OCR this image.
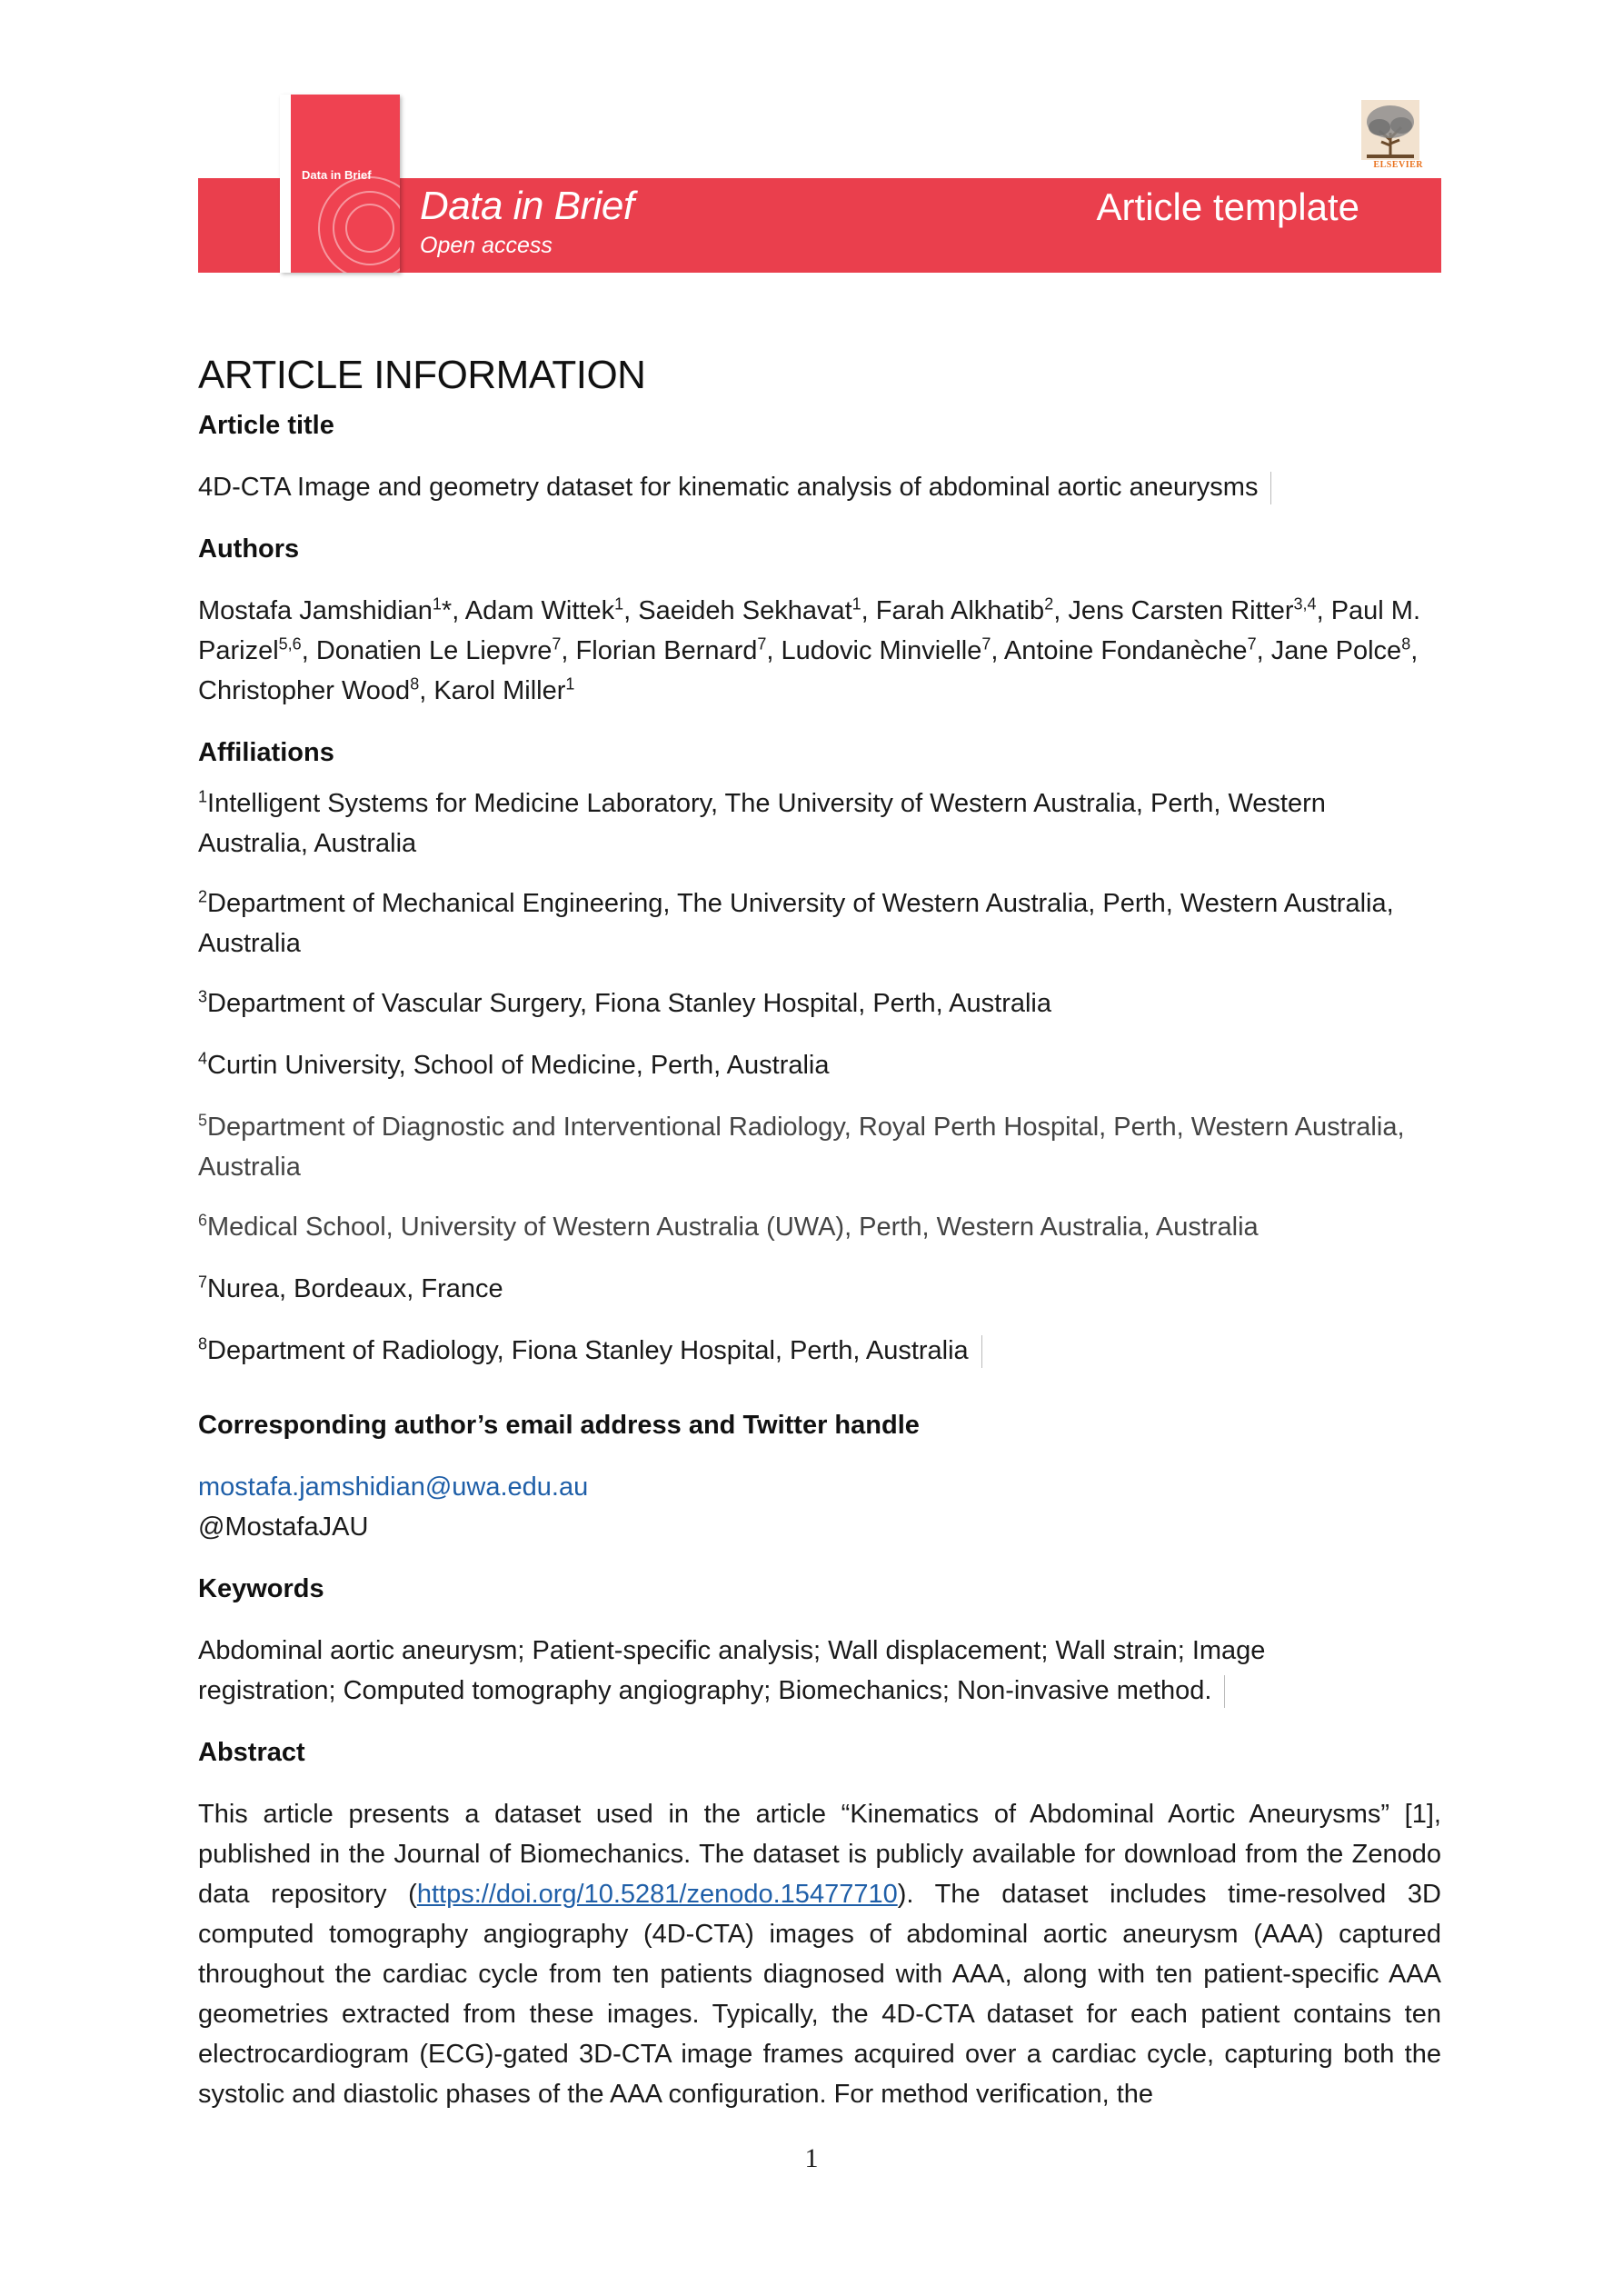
Data in Brief
Data in Brief
Open access
Article template
ELSEVIER
ARTICLE INFORMATION
Article title
4D-CTA Image and geometry dataset for kinematic analysis of abdominal aortic aneurysms
Authors
Mostafa Jamshidian$^1$*, Adam Wittek$^1$, Saeideh Sekhavat$^1$, Farah Alkhatib$^2$, Jens Carsten Ritter$^{3,4}$, Paul M. Parizel$^{5,6}$, Donatien Le Liepvre$^7$, Florian Bernard$^7$, Ludovic Minvielle$^7$, Antoine Fondanèche$^7$, Jane Polce$^8$, Christopher Wood$^8$, Karol Miller$^1$
Affiliations
$^1$Intelligent Systems for Medicine Laboratory, The University of Western Australia, Perth, Western Australia, Australia
$^2$Department of Mechanical Engineering, The University of Western Australia, Perth, Western Australia, Australia
$^3$Department of Vascular Surgery, Fiona Stanley Hospital, Perth, Australia
$^4$Curtin University, School of Medicine, Perth, Australia
$^5$Department of Diagnostic and Interventional Radiology, Royal Perth Hospital, Perth, Western Australia, Australia
$^6$Medical School, University of Western Australia (UWA), Perth, Western Australia, Australia
$^7$Nurea, Bordeaux, France
$^8$Department of Radiology, Fiona Stanley Hospital, Perth, Australia
Corresponding author’s email address and Twitter handle
mostafa.jamshidian@uwa.edu.au
@MostafaJAU
Keywords
Abdominal aortic aneurysm; Patient-specific analysis; Wall displacement; Wall strain; Image registration; Computed tomography angiography; Biomechanics; Non-invasive method.
Abstract
This article presents a dataset used in the article “Kinematics of Abdominal Aortic Aneurysms” [1], published in the Journal of Biomechanics. The dataset is publicly available for download from the Zenodo data repository (https://doi.org/10.5281/zenodo.15477710). The dataset includes time-resolved 3D computed tomography angiography (4D-CTA) images of abdominal aortic aneurysm (AAA) captured throughout the cardiac cycle from ten patients diagnosed with AAA, along with ten patient-specific AAA geometries extracted from these images. Typically, the 4D-CTA dataset for each patient contains ten electrocardiogram (ECG)-gated 3D-CTA image frames acquired over a cardiac cycle, capturing both the systolic and diastolic phases of the AAA configuration. For method verification, the
1
